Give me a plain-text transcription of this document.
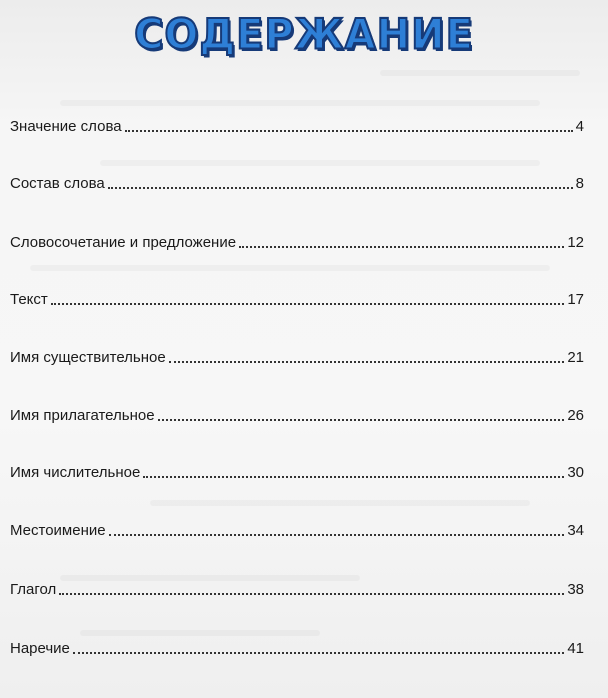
СОДЕРЖАНИЕ
Значение слова	4
Состав слова	8
Словосочетание и предложение	12
Текст	17
Имя существительное	21
Имя прилагательное	26
Имя числительное	30
Местоимение	34
Глагол	38
Наречие	41
